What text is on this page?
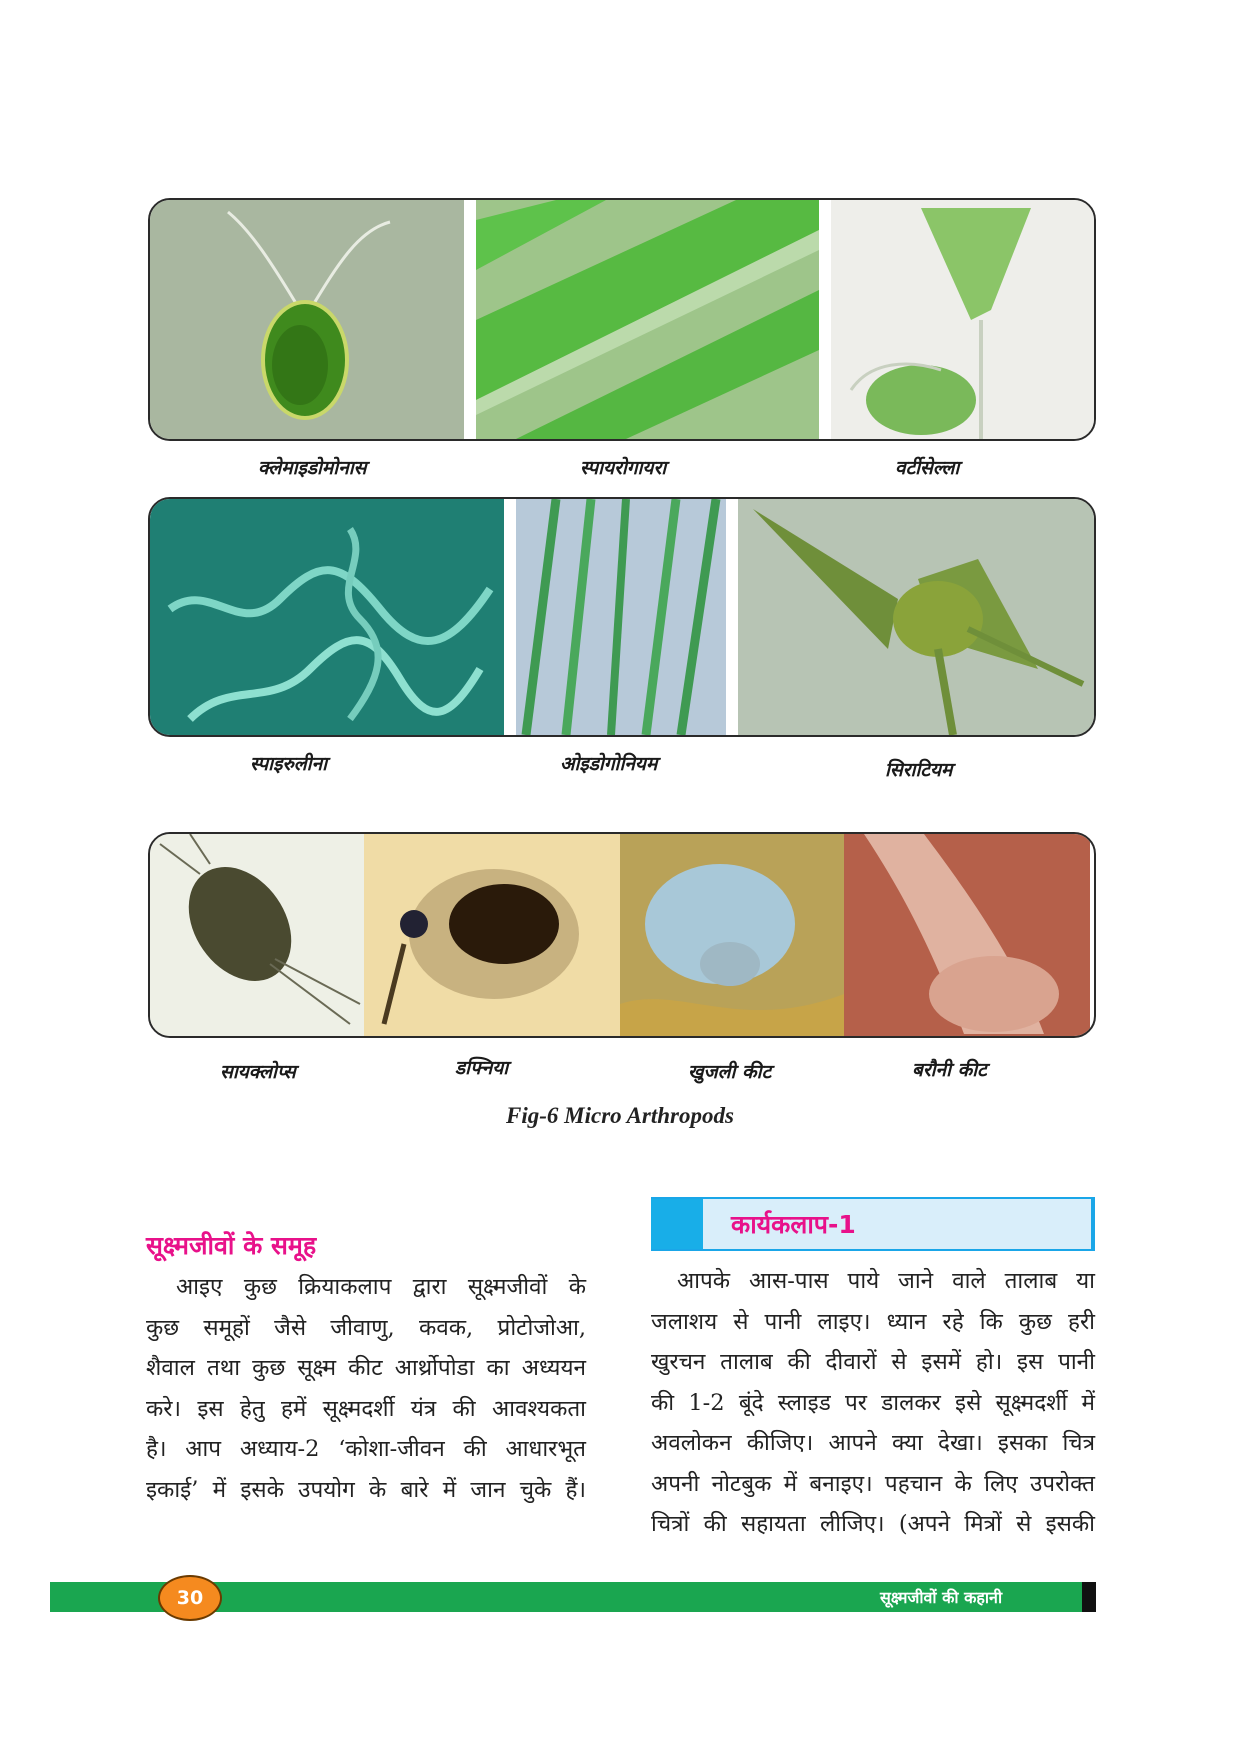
क्लेमाइडोमोनास	स्पायरोगायरा	वर्टीसेल्ला
स्पाइरुलीना	ओइडोगोनियम	सिराटियम
सायक्लोप्स	डफ्निया	खुजली कीट	बरौनी कीट
Fig-6 Micro Arthropods
सूक्ष्मजीवों के समूह
आइए कुछ क्रियाकलाप द्वारा सूक्ष्मजीवों के
कुछ समूहों जैसे जीवाणु, कवक, प्रोटोजोआ,
शैवाल तथा कुछ सूक्ष्म कीट आर्थ्रोपोडा का अध्ययन
करे। इस हेतु हमें सूक्ष्मदर्शी यंत्र की आवश्यकता
है। आप अध्याय-2 ‘कोशा-जीवन की आधारभूत
इकाई’ में इसके उपयोग के बारे में जान चुके हैं।
कार्यकलाप-1
आपके आस-पास पाये जाने वाले तालाब या
जलाशय से पानी लाइए। ध्यान रहे कि कुछ हरी
खुरचन तालाब की दीवारों से इसमें हो। इस पानी
की 1-2 बूंदे स्लाइड पर डालकर इसे सूक्ष्मदर्शी में
अवलोकन कीजिए। आपने क्या देखा। इसका चित्र
अपनी नोटबुक में बनाइए। पहचान के लिए उपरोक्त
चित्रों की सहायता लीजिए। (अपने मित्रों से इसकी
30	सूक्ष्मजीवों की कहानी
